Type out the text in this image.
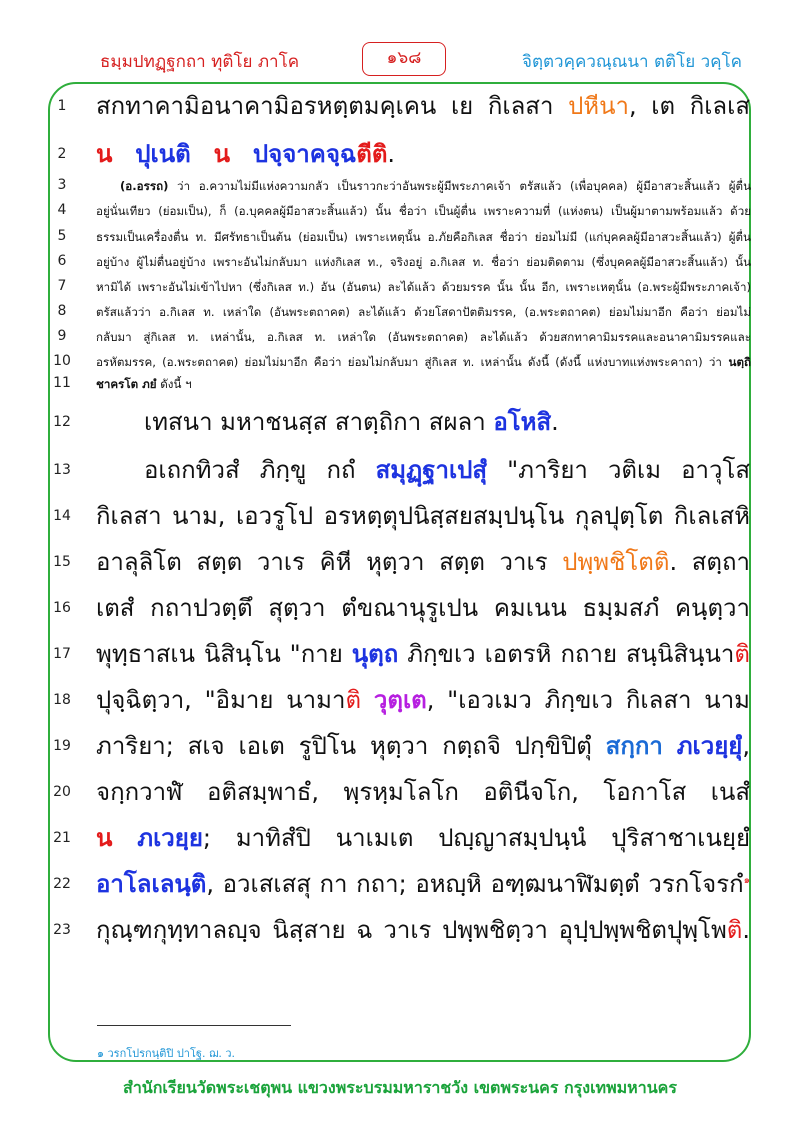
ธมฺมปทฏฺฐกถา ทุติโย ภาโค	๑๖๘	จิตฺตวคฺควณฺณนา ตติโย วคฺโค
1	สกทาคามิอนาคามิอรหตฺตมคฺเคน เย กิเลสา ปหีนา, เต กิเลเส
2	น ปุเนติ น ปจฺจาคจฺฉตีติ.
3	(อ.อรรถ) ว่า อ.ความไม่มีแห่งความกลัว เป็นราวกะว่าอันพระผู้มีพระภาคเจ้า ตรัสแล้ว (เพื่อบุคคล) ผู้มีอาสวะสิ้นแล้ว ผู้ตื่น
4	อยู่นั่นเทียว (ย่อมเป็น), ก็ (อ.บุคคลผู้มีอาสวะสิ้นแล้ว) นั้น ชื่อว่า เป็นผู้ตื่น เพราะความที่ (แห่งตน) เป็นผู้มาตามพร้อมแล้ว ด้วย
5	ธรรมเป็นเครื่องตื่น ท. มีศรัทธาเป็นต้น (ย่อมเป็น) เพราะเหตุนั้น อ.ภัยคือกิเลส ชื่อว่า ย่อมไม่มี (แก่บุคคลผู้มีอาสวะสิ้นแล้ว) ผู้ตื่น
6	อยู่บ้าง ผู้ไม่ตื่นอยู่บ้าง เพราะอันไม่กลับมา แห่งกิเลส ท., จริงอยู่ อ.กิเลส ท. ชื่อว่า ย่อมติดตาม (ซึ่งบุคคลผู้มีอาสวะสิ้นแล้ว) นั้น
7	หามิได้ เพราะอันไม่เข้าไปหา (ซึ่งกิเลส ท.) อัน (อันตน) ละได้แล้ว ด้วยมรรค นั้น นั้น อีก, เพราะเหตุนั้น (อ.พระผู้มีพระภาคเจ้า)
8	ตรัสแล้วว่า อ.กิเลส ท. เหล่าใด (อันพระตถาคต) ละได้แล้ว ด้วยโสดาปัตติมรรค, (อ.พระตถาคต) ย่อมไม่มาอีก คือว่า ย่อมไม่
9	กลับมา สู่กิเลส ท. เหล่านั้น, อ.กิเลส ท. เหล่าใด (อันพระตถาคต) ละได้แล้ว ด้วยสกทาคามิมรรคและอนาคามิมรรคและ
10 อรหัตมรรค, (อ.พระตถาคต) ย่อมไม่มาอีก คือว่า ย่อมไม่กลับมา สู่กิเลส ท. เหล่านั้น ดังนี้ (ดังนี้ แห่งบาทแห่งพระคาถา) ว่า นตฺถิ
11 ชาครโต ภยํ ดังนี้ ฯ
12	เทสนา มหาชนสฺส สาตฺถิกา สผลา อโหสิ.
13	อเถกทิวสํ ภิกฺขู กถํ สมุฏฺฐาเปสุํ "ภาริยา วติเม อาวุโส
14 กิเลสา นาม, เอวรูโป อรหตฺตุปนิสฺสยสมฺปนฺโน กุลปุตฺโต กิเลเสหิ
15 อาลุลิโต สตฺต วาเร คิหี หุตฺวา สตฺต วาเร ปพฺพชิโตติ. สตฺถา
16 เตสํ กถาปวตฺตึ สุตฺวา ตํขณานุรูเปน คมเนน ธมฺมสภํ คนฺตฺวา
17 พุทฺธาสเน นิสินฺโน "กาย นุตฺถ ภิกฺขเว เอตรหิ กถาย สนฺนิสินฺนาติ
18 ปุจฺฉิตฺวา, "อิมาย นามาติ วุตฺเต, "เอวเมว ภิกฺขเว กิเลสา นาม
19 ภาริยา; สเจ เอเต รูปิโน หุตฺวา กตฺถจิ ปกฺขิปิตุํ สกฺกา ภเวยฺยุํ,
20 จกฺกวาฬํ อติสมฺพาธํ, พฺรหฺมโลโก อตินีจโก, โอกาโส เนสํ
21 น ภเวยฺย; มาทิสํปิ นาเมเต ปญฺญาสมฺปนฺนํ ปุริสาชาเนยฺยํ
22 อาโลเลนฺติ, อวเสเสสุ กา กถา; อหญฺหิ อฑฺฒนาฬิมตฺตํ วรกโจรกํ$^๑$
23 กุณฺฑกุทฺทาลญฺจ นิสฺสาย ฉ วาเร ปพฺพชิตฺวา อุปฺปพฺพชิตปุพฺโพติ.
๑ วรกโปรกนฺติปิ ปาโฐ. ฌ. ว.
สำนักเรียนวัดพระเชตุพน แขวงพระบรมมหาราชวัง เขตพระนคร กรุงเทพมหานคร
